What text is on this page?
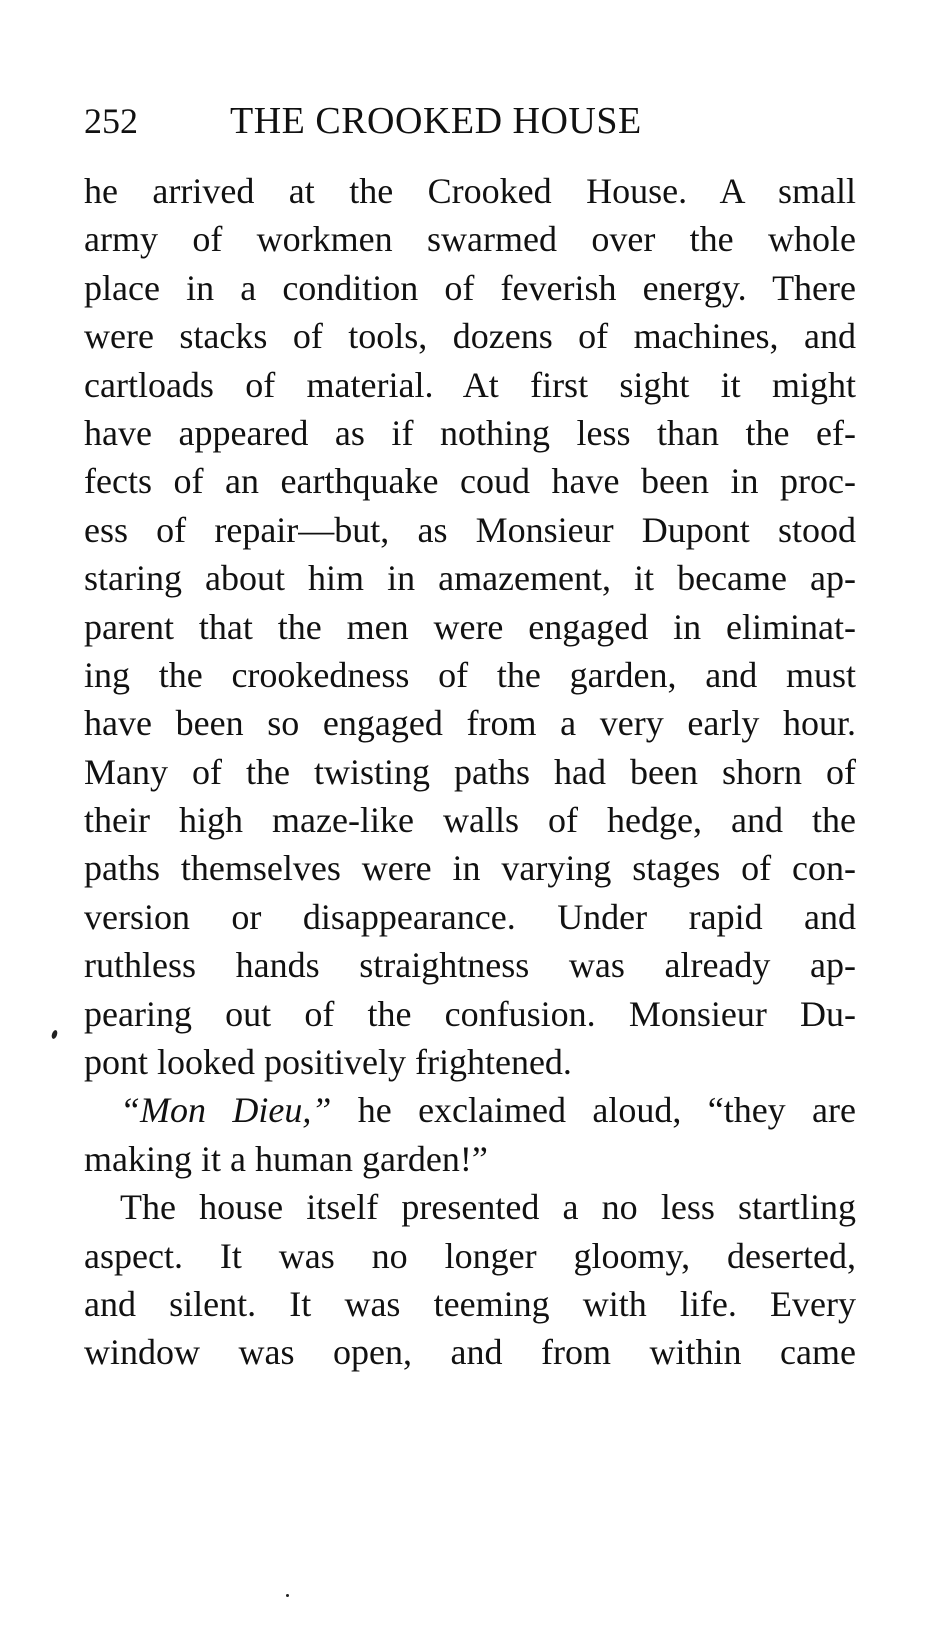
252 THE CROOKED HOUSE
he arrived at the Crooked House. A small
army of workmen swarmed over the whole
place in a condition of feverish energy. There
were stacks of tools, dozens of machines, and
cartloads of material. At first sight it might
have appeared as if nothing less than the ef-
fects of an earthquake coud have been in proc-
ess of repair—but, as Monsieur Dupont stood
staring about him in amazement, it became ap-
parent that the men were engaged in eliminat-
ing the crookedness of the garden, and must
have been so engaged from a very early hour.
Many of the twisting paths had been shorn of
their high maze-like walls of hedge, and the
paths themselves were in varying stages of con-
version or disappearance. Under rapid and
ruthless hands straightness was already ap-
pearing out of the confusion. Monsieur Du-
pont looked positively frightened.
“Mon Dieu,” he exclaimed aloud, “they are
making it a human garden!”
The house itself presented a no less startling
aspect. It was no longer gloomy, deserted,
and silent. It was teeming with life. Every
window was open, and from within came
